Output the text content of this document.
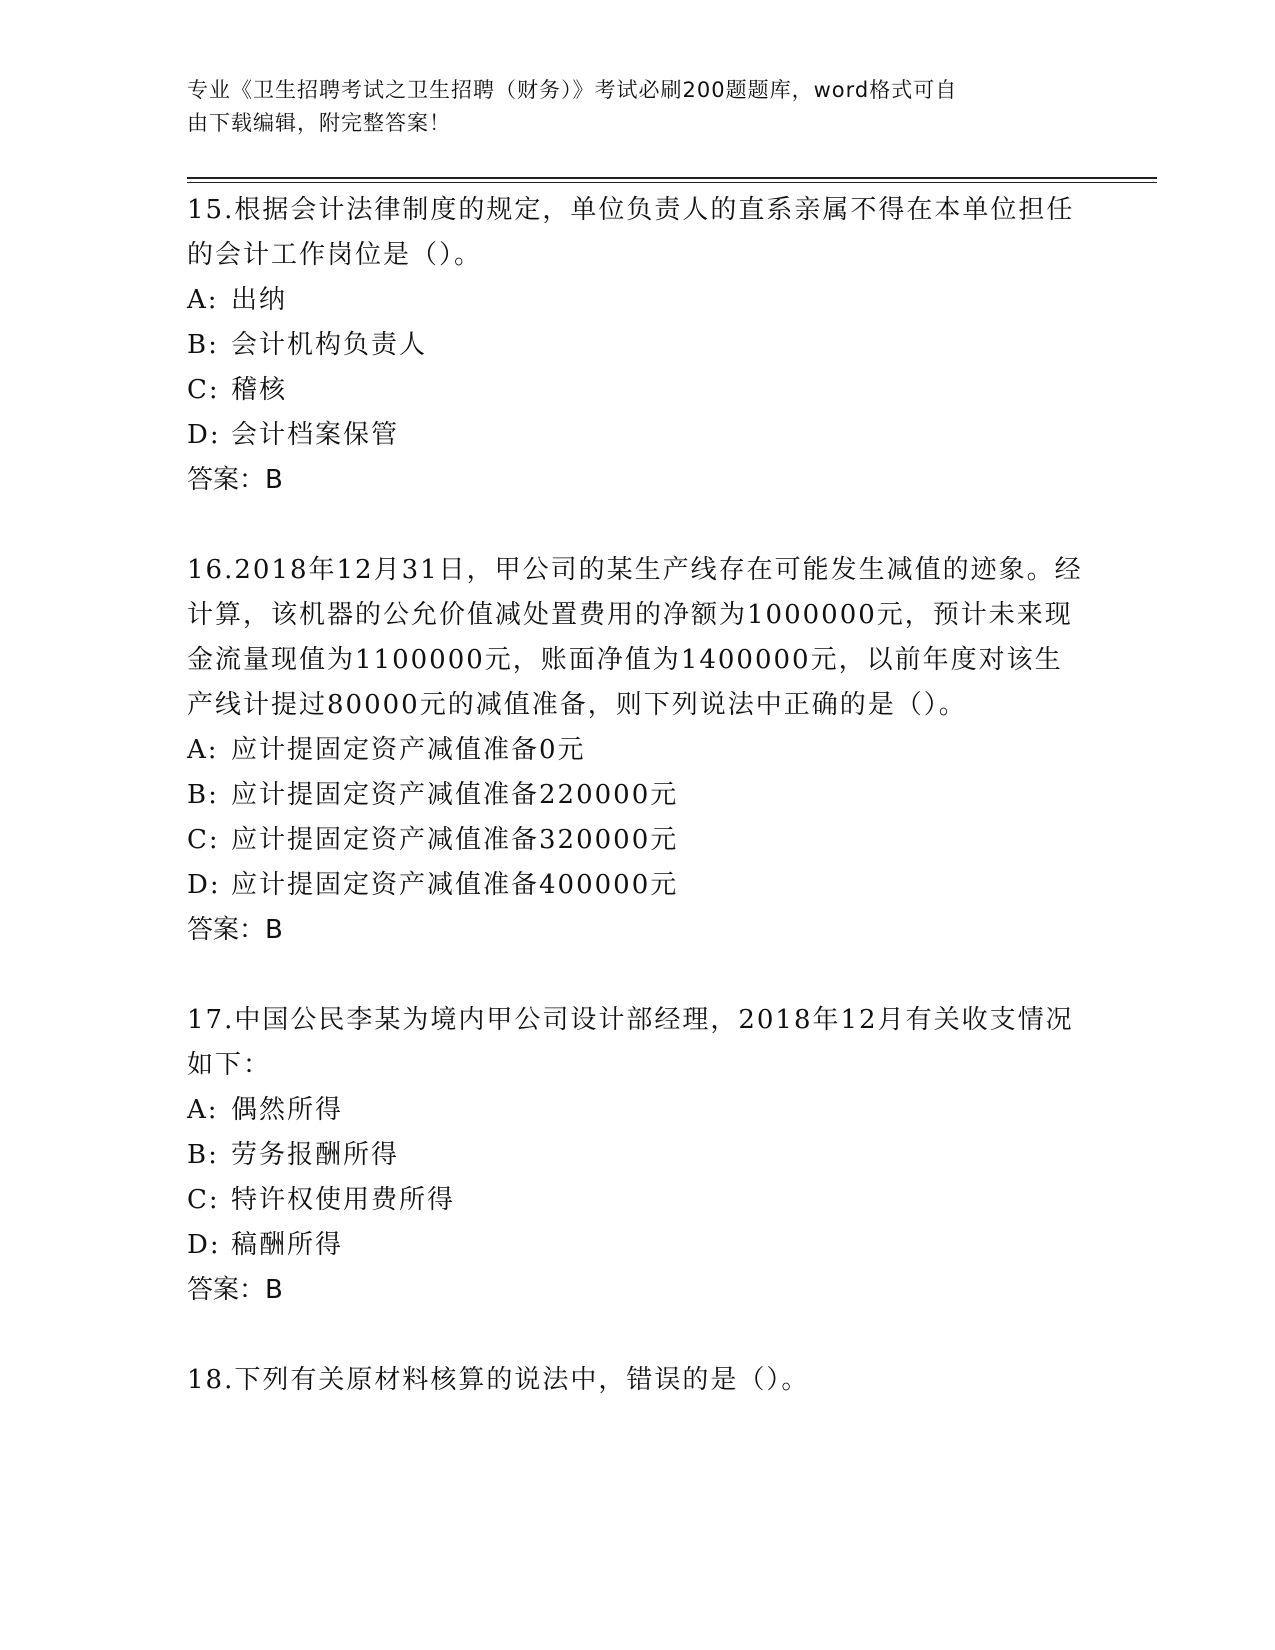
专业《卫生招聘考试之卫生招聘（财务）》考试必刷200题题库，word格式可自
由下载编辑，附完整答案！

15.根据会计法律制度的规定，单位负责人的直系亲属不得在本单位担任的会计工作岗位是（）。

A: 出纳

B: 会计机构负责人

C: 稽核

D: 会计档案保管

答案：B

16.2018年12月31日，甲公司的某生产线存在可能发生减值的迹象。经计算，该机器的公允价值减处置费用的净额为1000000元，预计未来现金流量现值为1100000元，账面净值为1400000元，以前年度对该生产线计提过80000元的减值准备，则下列说法中正确的是（）。

A: 应计提固定资产减值准备0元

B: 应计提固定资产减值准备220000元

C: 应计提固定资产减值准备320000元

D: 应计提固定资产减值准备400000元

答案：B

17.中国公民李某为境内甲公司设计部经理，2018年12月有关收支情况如下：

A: 偶然所得

B: 劳务报酬所得

C: 特许权使用费所得

D: 稿酬所得

答案：B

18.下列有关原材料核算的说法中，错误的是（）。
